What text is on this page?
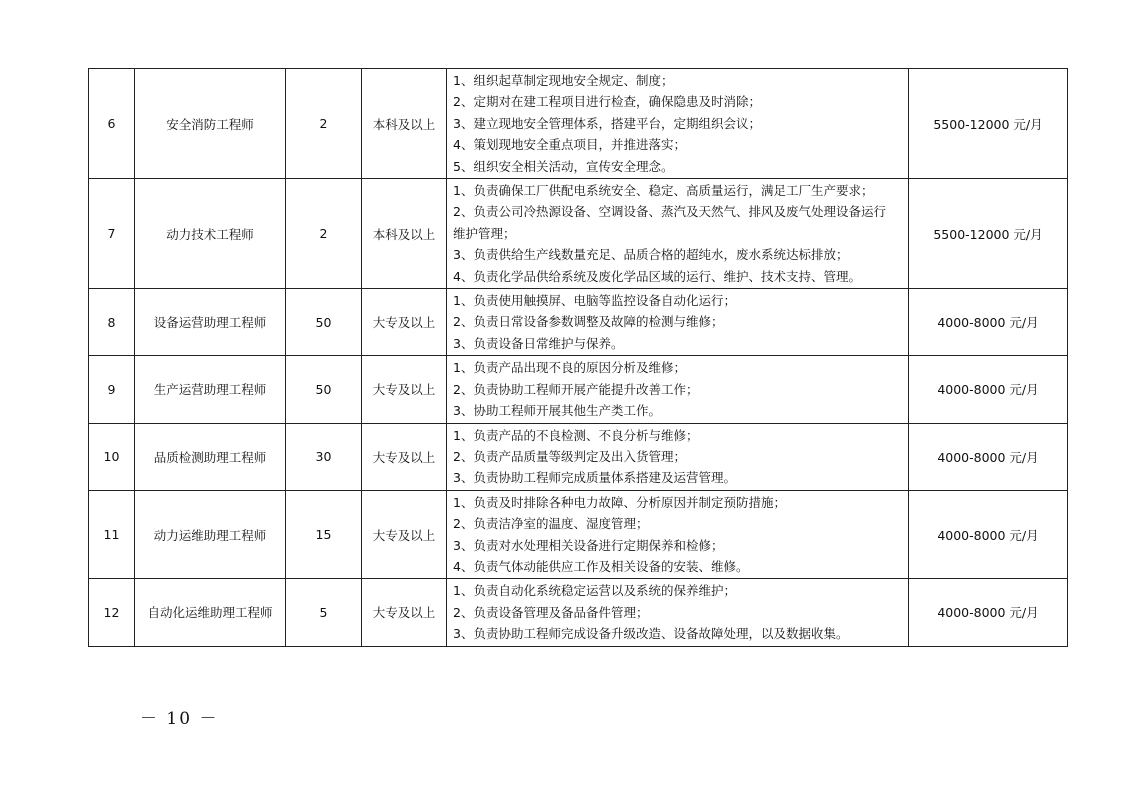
6	安全消防工程师	2	本科及以上	1、组织起草制定现地安全规定、制度；
2、定期对在建工程项目进行检查，确保隐患及时消除；
3、建立现地安全管理体系，搭建平台，定期组织会议；
4、策划现地安全重点项目，并推进落实；
5、组织安全相关活动，宣传安全理念。	5500-12000 元/月
7	动力技术工程师	2	本科及以上	1、负责确保工厂供配电系统安全、稳定、高质量运行，满足工厂生产要求；
2、负责公司冷热源设备、空调设备、蒸汽及天然气、排风及废气处理设备运行
维护管理；
3、负责供给生产线数量充足、品质合格的超纯水，废水系统达标排放；
4、负责化学品供给系统及废化学品区域的运行、维护、技术支持、管理。	5500-12000 元/月
8	设备运营助理工程师	50	大专及以上	1、负责使用触摸屏、电脑等监控设备自动化运行；
2、负责日常设备参数调整及故障的检测与维修；
3、负责设备日常维护与保养。	4000-8000 元/月
9	生产运营助理工程师	50	大专及以上	1、负责产品出现不良的原因分析及维修；
2、负责协助工程师开展产能提升改善工作；
3、协助工程师开展其他生产类工作。	4000-8000 元/月
10	品质检测助理工程师	30	大专及以上	1、负责产品的不良检测、不良分析与维修；
2、负责产品质量等级判定及出入货管理；
3、负责协助工程师完成质量体系搭建及运营管理。	4000-8000 元/月
11	动力运维助理工程师	15	大专及以上	1、负责及时排除各种电力故障、分析原因并制定预防措施；
2、负责洁净室的温度、湿度管理；
3、负责对水处理相关设备进行定期保养和检修；
4、负责气体动能供应工作及相关设备的安装、维修。	4000-8000 元/月
12	自动化运维助理工程师	5	大专及以上	1、负责自动化系统稳定运营以及系统的保养维护；
2、负责设备管理及备品备件管理；
3、负责协助工程师完成设备升级改造、设备故障处理，以及数据收集。	4000-8000 元/月
－ 10 －
